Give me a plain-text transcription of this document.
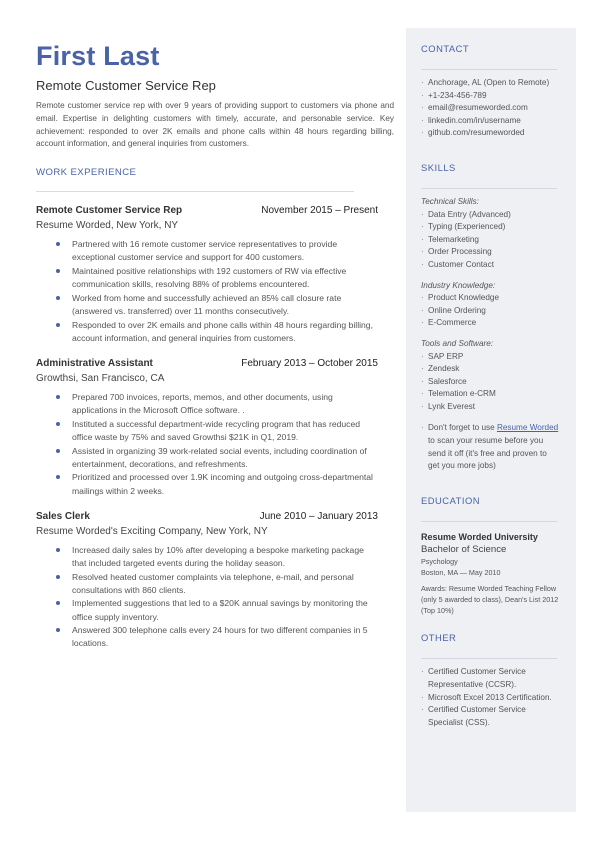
First Last
Remote Customer Service Rep

Remote customer service rep with over 9 years of providing support to customers via phone and email. Expertise in delighting customers with timely, accurate, and personable service. Key achievement: responded to over 2K emails and phone calls within 48 hours regarding billing, account information, and general inquiries from customers.

WORK EXPERIENCE
Remote Customer Service Rep	November 2015 – Present
Resume Worded, New York, NY
Partnered with 16 remote customer service representatives to provide exceptional customer service and support for 400 customers.
Maintained positive relationships with 192 customers of RW via effective communication skills, resolving 88% of problems encountered.
Worked from home and successfully achieved an 85% call closure rate (answered vs. transferred) over 11 months consecutively.
Responded to over 2K emails and phone calls within 48 hours regarding billing, account information, and general inquiries from customers.
Administrative Assistant	February 2013 – October 2015
Growthsi, San Francisco, CA
Prepared 700 invoices, reports, memos, and other documents, using applications in the Microsoft Office software. .
Instituted a successful department-wide recycling program that has reduced office waste by 75% and saved Growthsi $21K in Q1, 2019.
Assisted in organizing 39 work-related social events, including coordination of entertainment, decorations, and refreshments.
Prioritized and processed over 1.9K incoming and outgoing cross-departmental mailings within 2 weeks.
Sales Clerk	June 2010 – January 2013
Resume Worded's Exciting Company, New York, NY
Increased daily sales by 10% after developing a bespoke marketing package that included targeted events during the holiday season.
Resolved heated customer complaints via telephone, e-mail, and personal consultations with 860 clients.
Implemented suggestions that led to a $20K annual savings by monitoring the office supply inventory.
Answered 300 telephone calls every 24 hours for two different companies in 5 locations.
CONTACT
· Anchorage, AL (Open to Remote)
· +1-234-456-789
· email@resumeworded.com
· linkedin.com/in/username
· github.com/resumeworded
SKILLS
Technical Skills:
· Data Entry (Advanced)
· Typing (Experienced)
· Telemarketing
· Order Processing
· Customer Contact
Industry Knowledge:
· Product Knowledge
· Online Ordering
· E-Commerce
Tools and Software:
· SAP ERP
· Zendesk
· Salesforce
· Telemation e-CRM
· Lynk Everest
· Don't forget to use Resume Worded to scan your resume before you send it off (it's free and proven to get you more jobs)
EDUCATION
Resume Worded University
Bachelor of Science
Psychology
Boston, MA — May 2010
Awards: Resume Worded Teaching Fellow (only 5 awarded to class), Dean's List 2012 (Top 10%)
OTHER
· Certified Customer Service Representative (CCSR).
· Microsoft Excel 2013 Certification.
· Certified Customer Service Specialist (CSS).
